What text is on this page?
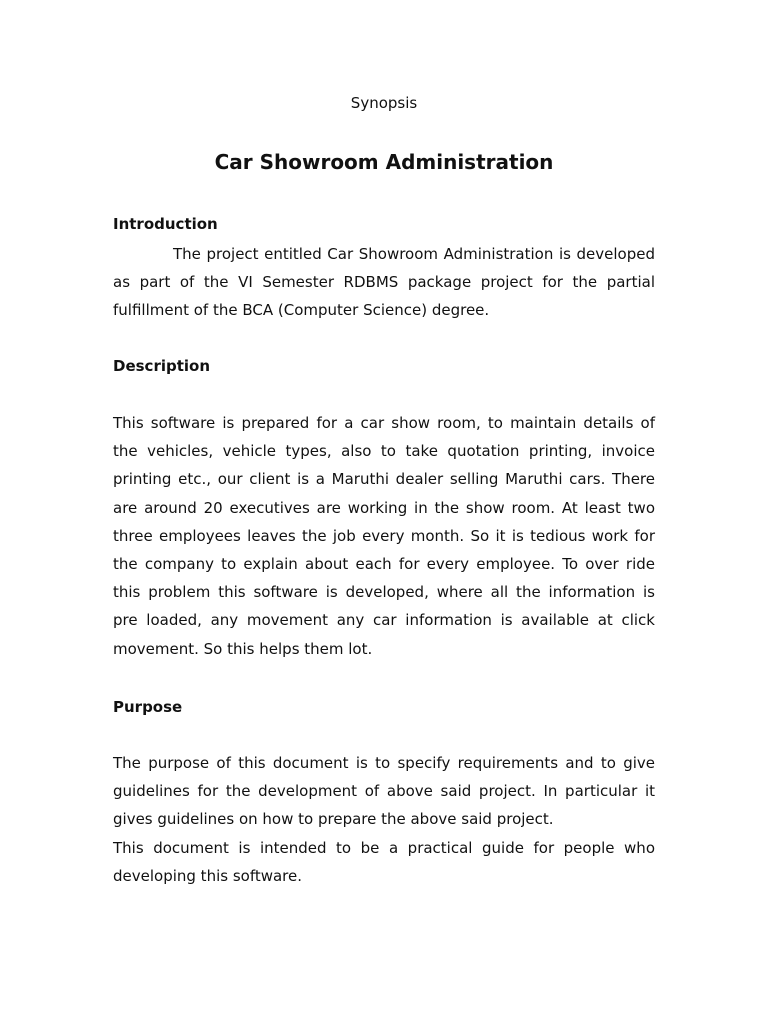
Synopsis
Car Showroom Administration
Introduction
The project entitled Car Showroom Administration is developed
as part of the VI Semester RDBMS package project for the partial
fulfillment of the BCA (Computer Science) degree.
Description
This software is prepared for a car show room, to maintain details of
the vehicles, vehicle types, also to take quotation printing, invoice
printing etc., our client is a Maruthi dealer selling Maruthi cars. There
are around 20 executives are working in the show room. At least two
three employees leaves the job every month. So it is tedious work for
the company to explain about each for every employee. To over ride
this problem this software is developed, where all the information is
pre loaded, any movement any car information is available at click
movement. So this helps them lot.
Purpose
The purpose of this document is to specify requirements and to give
guidelines for the development of above said project. In particular it
gives guidelines on how to prepare the above said project.
This document is intended to be a practical guide for people who
developing this software.
